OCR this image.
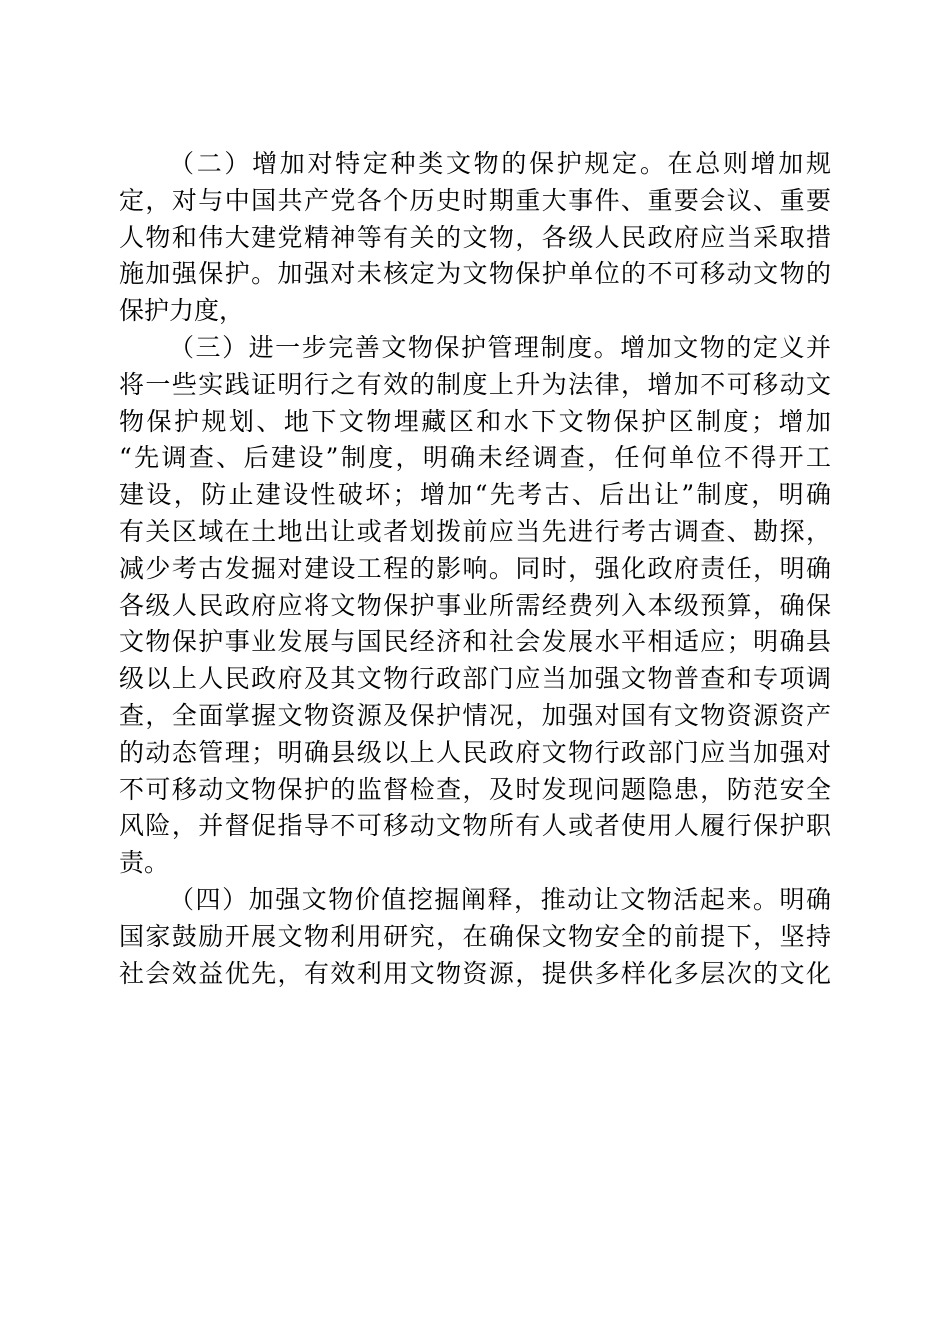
（二）增加对特定种类文物的保护规定。在总则增加规
定，对与中国共产党各个历史时期重大事件、重要会议、重要
人物和伟大建党精神等有关的文物，各级人民政府应当采取措
施加强保护。加强对未核定为文物保护单位的不可移动文物的
保护力度，
（三）进一步完善文物保护管理制度。增加文物的定义并
将一些实践证明行之有效的制度上升为法律，增加不可移动文
物保护规划、地下文物埋藏区和水下文物保护区制度；增加
“先调查、后建设”制度，明确未经调查，任何单位不得开工
建设，防止建设性破坏；增加“先考古、后出让”制度，明确
有关区域在土地出让或者划拨前应当先进行考古调查、勘探，
减少考古发掘对建设工程的影响。同时，强化政府责任，明确
各级人民政府应将文物保护事业所需经费列入本级预算，确保
文物保护事业发展与国民经济和社会发展水平相适应；明确县
级以上人民政府及其文物行政部门应当加强文物普查和专项调
查，全面掌握文物资源及保护情况，加强对国有文物资源资产
的动态管理；明确县级以上人民政府文物行政部门应当加强对
不可移动文物保护的监督检查，及时发现问题隐患，防范安全
风险，并督促指导不可移动文物所有人或者使用人履行保护职
责。
（四）加强文物价值挖掘阐释，推动让文物活起来。明确
国家鼓励开展文物利用研究，在确保文物安全的前提下，坚持
社会效益优先，有效利用文物资源，提供多样化多层次的文化
